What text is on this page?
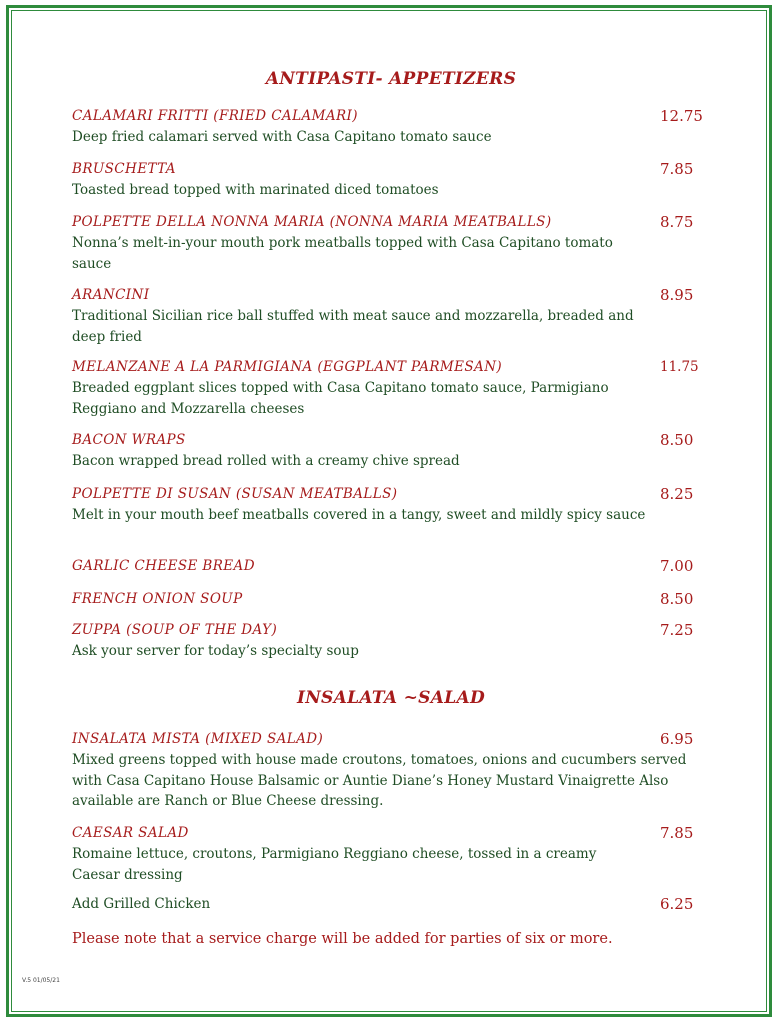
ANTIPASTI- APPETIZERS
CALAMARI FRITTI (FRIED CALAMARI)	12.75
Deep fried calamari served with Casa Capitano tomato sauce
BRUSCHETTA	7.85
Toasted bread topped with marinated diced tomatoes
POLPETTE DELLA NONNA MARIA (NONNA MARIA MEATBALLS)	8.75
Nonna’s melt-in-your mouth pork meatballs topped with Casa Capitano tomato sauce
ARANCINI	8.95
Traditional Sicilian rice ball stuffed with meat sauce and mozzarella, breaded and deep fried
MELANZANE A LA PARMIGIANA (EGGPLANT PARMESAN)	11.75
Breaded eggplant slices topped with Casa Capitano tomato sauce, Parmigiano Reggiano and Mozzarella cheeses
BACON WRAPS	8.50
Bacon wrapped bread rolled with a creamy chive spread
POLPETTE DI SUSAN (SUSAN MEATBALLS)	8.25
Melt in your mouth beef meatballs covered in a tangy, sweet and mildly spicy sauce
GARLIC CHEESE BREAD	7.00
FRENCH ONION SOUP	8.50
ZUPPA (SOUP OF THE DAY)	7.25
Ask your server for today’s specialty soup
INSALATA ~SALAD
INSALATA MISTA (MIXED SALAD)	6.95
Mixed greens topped with house made croutons, tomatoes, onions and cucumbers served with Casa Capitano House Balsamic or Auntie Diane’s Honey Mustard Vinaigrette Also available are Ranch or Blue Cheese dressing.
CAESAR SALAD	7.85
Romaine lettuce, croutons, Parmigiano Reggiano cheese, tossed in a creamy Caesar dressing
Add Grilled Chicken	6.25
Please note that a service charge will be added for parties of six or more.
V.5 01/05/21
